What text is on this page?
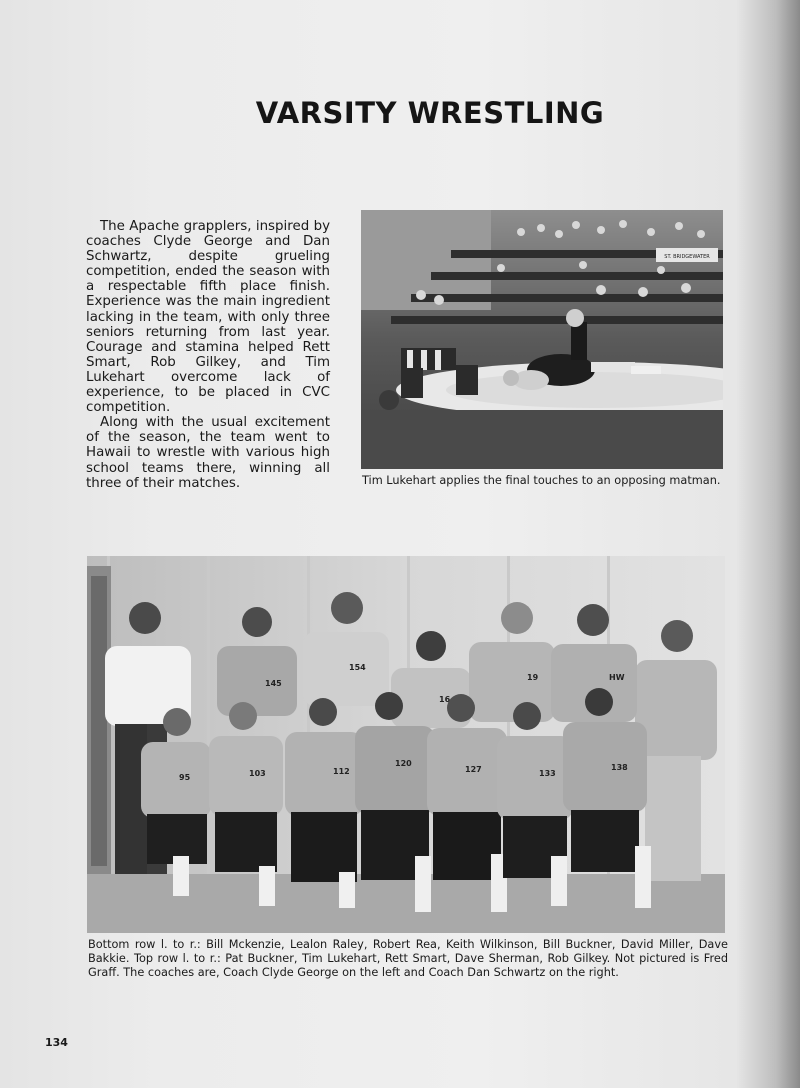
VARSITY WRESTLING

The Apache grapplers, inspired by coaches Clyde George and Dan Schwartz, despite grueling competition, ended the season with a respectable fifth place finish. Experience was the main ingredient lacking in the team, with only three seniors returning from last year. Courage and stamina helped Rett Smart, Rob Gilkey, and Tim Lukehart overcome lack of experience, to be placed in CVC competition.

Along with the usual excitement of the season, the team went to Hawaii to wrestle with various high school teams there, winning all three of their matches.

ST. BRIDGEWATER
Tim Lukehart applies the final touches to an opposing matman.
145
154
16
19	HW
95	103	112
120
127	133
138
Bottom row l. to r.: Bill Mckenzie, Lealon Raley, Robert Rea, Keith Wilkinson, Bill Buckner, David Miller, Dave Bakkie. Top row l. to r.: Pat Buckner, Tim Lukehart, Rett Smart, Dave Sherman, Rob Gilkey. Not pictured is Fred Graff. The coaches are, Coach Clyde George on the left and Coach Dan Schwartz on the right.
134
